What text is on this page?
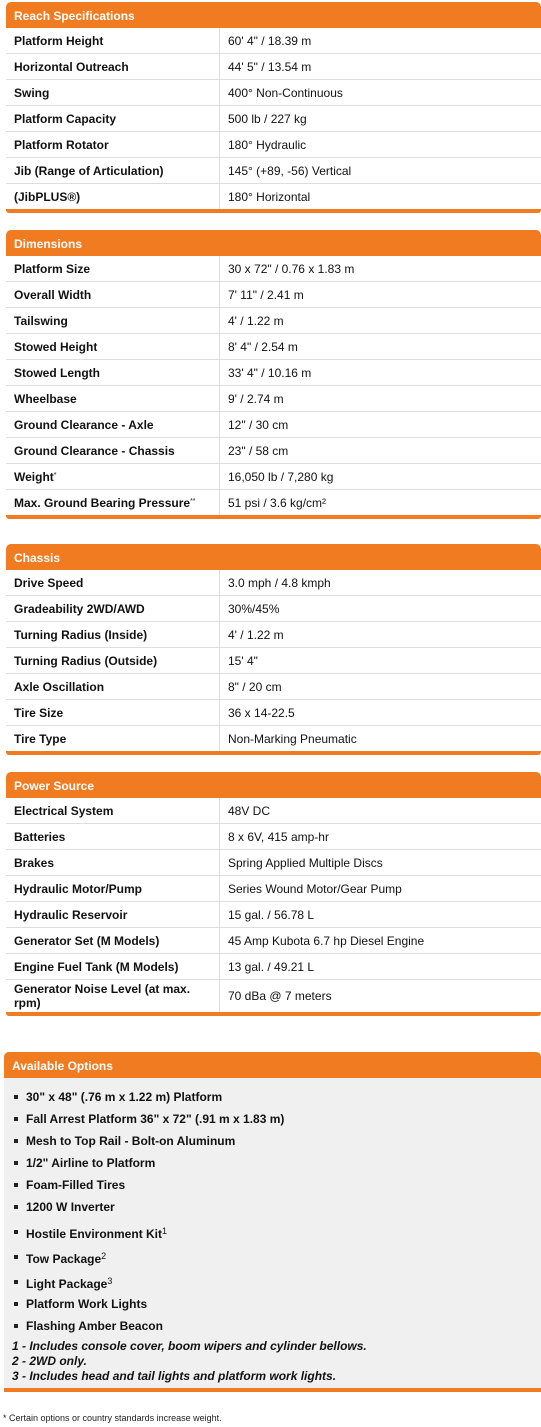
Reach Specifications
Platform Height	60' 4" / 18.39 m
Horizontal Outreach	44' 5" / 13.54 m
Swing	400° Non-Continuous
Platform Capacity	500 lb / 227 kg
Platform Rotator	180° Hydraulic
Jib (Range of Articulation)	145° (+89, -56) Vertical
(JibPLUS®)	180° Horizontal
Dimensions
Platform Size	30 x 72" / 0.76 x 1.83 m
Overall Width	7' 11" / 2.41 m
Tailswing	4' / 1.22 m
Stowed Height	8' 4" / 2.54 m
Stowed Length	33' 4" / 10.16 m
Wheelbase	9' / 2.74 m
Ground Clearance - Axle	12" / 30 cm
Ground Clearance - Chassis	23" / 58 cm
Weight*	16,050 lb / 7,280 kg
Max. Ground Bearing Pressure**	51 psi / 3.6 kg/cm²
Chassis
Drive Speed	3.0 mph / 4.8 kmph
Gradeability 2WD/AWD	30%/45%
Turning Radius (Inside)	4' / 1.22 m
Turning Radius (Outside)	15' 4"
Axle Oscillation	8" / 20 cm
Tire Size	36 x 14-22.5
Tire Type	Non-Marking Pneumatic
Power Source
Electrical System	48V DC
Batteries	8 x 6V, 415 amp-hr
Brakes	Spring Applied Multiple Discs
Hydraulic Motor/Pump	Series Wound Motor/Gear Pump
Hydraulic Reservoir	15 gal. / 56.78 L
Generator Set (M Models)	45 Amp Kubota 6.7 hp Diesel Engine
Engine Fuel Tank (M Models)	13 gal. / 49.21 L
Generator Noise Level (at max. rpm)	70 dBa @ 7 meters
Available Options
30" x 48" (.76 m x 1.22 m) Platform
Fall Arrest Platform 36" x 72" (.91 m x 1.83 m)
Mesh to Top Rail - Bolt-on Aluminum
1/2" Airline to Platform
Foam-Filled Tires
1200 W Inverter
Hostile Environment Kit$^1$
Tow Package$^2$
Light Package$^3$
Platform Work Lights
Flashing Amber Beacon
1 - Includes console cover, boom wipers and cylinder bellows.
2 - 2WD only.
3 - Includes head and tail lights and platform work lights.
* Certain options or country standards increase weight.
